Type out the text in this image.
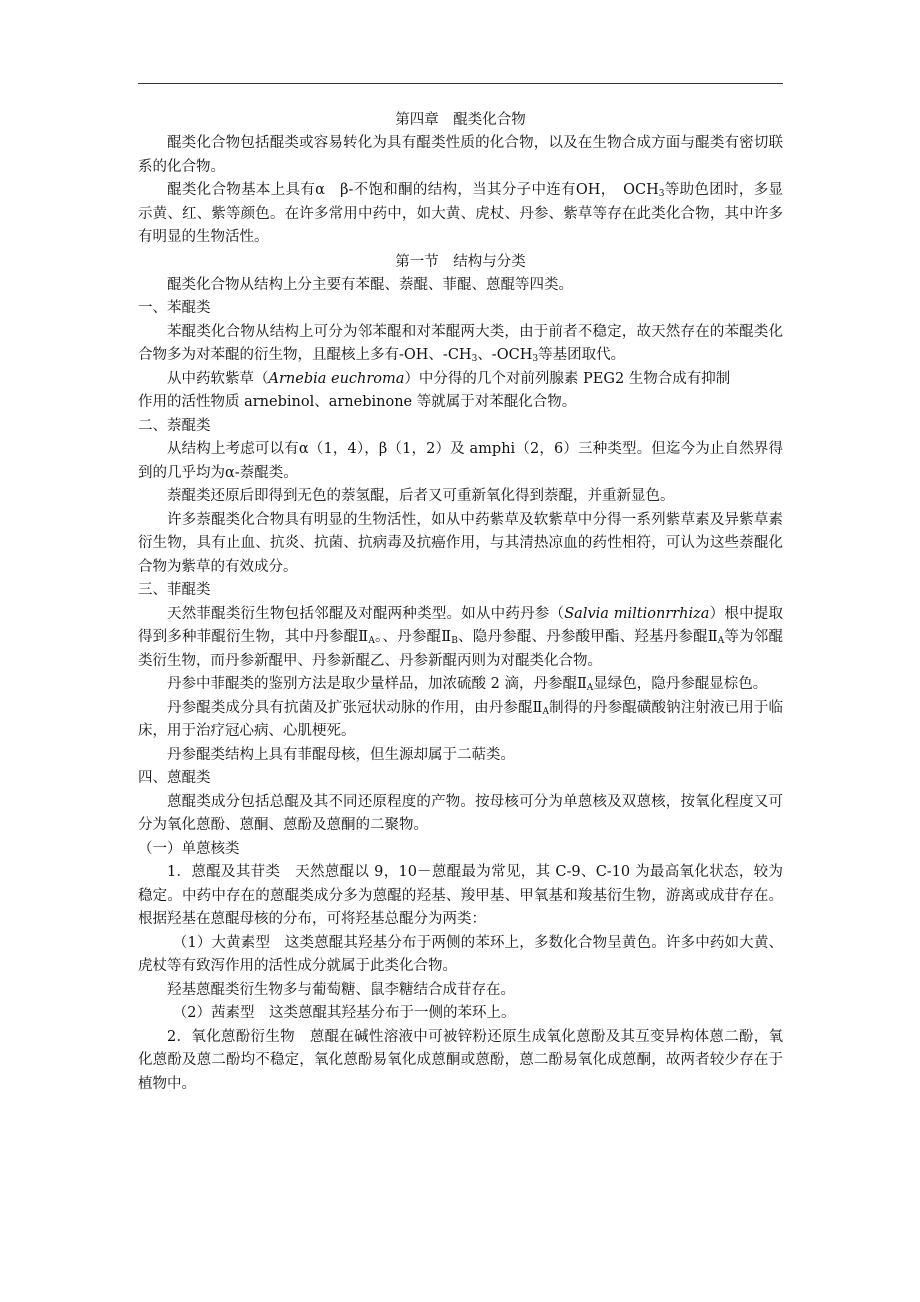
第四章　醌类化合物

醌类化合物包括醌类或容易转化为具有醌类性质的化合物，以及在生物合成方面与醌类有密切联系的化合物。

醌类化合物基本上具有α　β-不饱和酮的结构，当其分子中连有OH，　$OCH_3$等助色团时，多显示黄、红、紫等颜色。在许多常用中药中，如大黄、虎杖、丹参、紫草等存在此类化合物，其中许多有明显的生物活性。

第一节　结构与分类

醌类化合物从结构上分主要有苯醌、萘醌、菲醌、蒽醌等四类。

一、苯醌类

苯醌类化合物从结构上可分为邻苯醌和对苯醌两大类，由于前者不稳定，故天然存在的苯醌类化合物多为对苯醌的衍生物，且醌核上多有-OH、$-CH_3$、$-OCH_3$等基团取代。

从中药软紫草（Arnebia euchroma）中分得的几个对前列腺素 PEG2 生物合成有抑制

作用的活性物质 arnebinol、arnebinone 等就属于对苯醌化合物。
二、萘醌类

从结构上考虑可以有α（1，4），β（1，2）及 amphi（2，6）三种类型。但迄今为止自然界得到的几乎均为α-萘醌类。

萘醌类还原后即得到无色的萘氢醌，后者又可重新氧化得到萘醌，并重新显色。

许多萘醌类化合物具有明显的生物活性，如从中药紫草及软紫草中分得一系列紫草素及异紫草素衍生物，具有止血、抗炎、抗菌、抗病毒及抗癌作用，与其清热凉血的药性相符，可认为这些萘醌化合物为紫草的有效成分。

三、菲醌类

天然菲醌类衍生物包括邻醌及对醌两种类型。如从中药丹参（Salvia miltionrrhiza）根中提取得到多种菲醌衍生物，其中丹参醌$Ⅱ_A$。、丹参醌$Ⅱ_B$、隐丹参醌、丹参酸甲酯、羟基丹参醌$Ⅱ_A$等为邻醌类衍生物，而丹参新醌甲、丹参新醌乙、丹参新醌丙则为对醌类化合物。

丹参中菲醌类的鉴别方法是取少量样品，加浓硫酸 2 滴，丹参醌$Ⅱ_A$显绿色，隐丹参醌显棕色。

丹参醌类成分具有抗菌及扩张冠状动脉的作用，由丹参醌$Ⅱ_A$制得的丹参醌磺酸钠注射液已用于临床，用于治疗冠心病、心肌梗死。

丹参醌类结构上具有菲醌母核，但生源却属于二萜类。

四、蒽醌类

蒽醌类成分包括总醌及其不同还原程度的产物。按母核可分为单蒽核及双蒽核，按氧化程度又可分为氧化蒽酚、蒽酮、蒽酚及蒽酮的二聚物。

（一）单蒽核类

1．蒽醌及其苷类　天然蒽醌以 9，10－蒽醌最为常见，其 C-9、C-10 为最高氧化状态，较为稳定。中药中存在的蒽醌类成分多为蒽醌的羟基、羧甲基、甲氧基和羧基衍生物，游离或成苷存在。根据羟基在蒽醌母核的分布，可将羟基总醌分为两类：

（1）大黄素型　这类蒽醌其羟基分布于两侧的苯环上，多数化合物呈黄色。许多中药如大黄、虎杖等有致泻作用的活性成分就属于此类化合物。

羟基蒽醌类衍生物多与葡萄糖、鼠李糖结合成苷存在。

（2）茜素型　这类蒽醌其羟基分布于一侧的苯环上。

2．氧化蒽酚衍生物　蒽醌在碱性溶液中可被锌粉还原生成氧化蒽酚及其互变异构体蒽二酚，氧化蒽酚及蒽二酚均不稳定，氧化蒽酚易氧化成蒽酮或蒽酚，蒽二酚易氧化成蒽酮，故两者较少存在于植物中。
